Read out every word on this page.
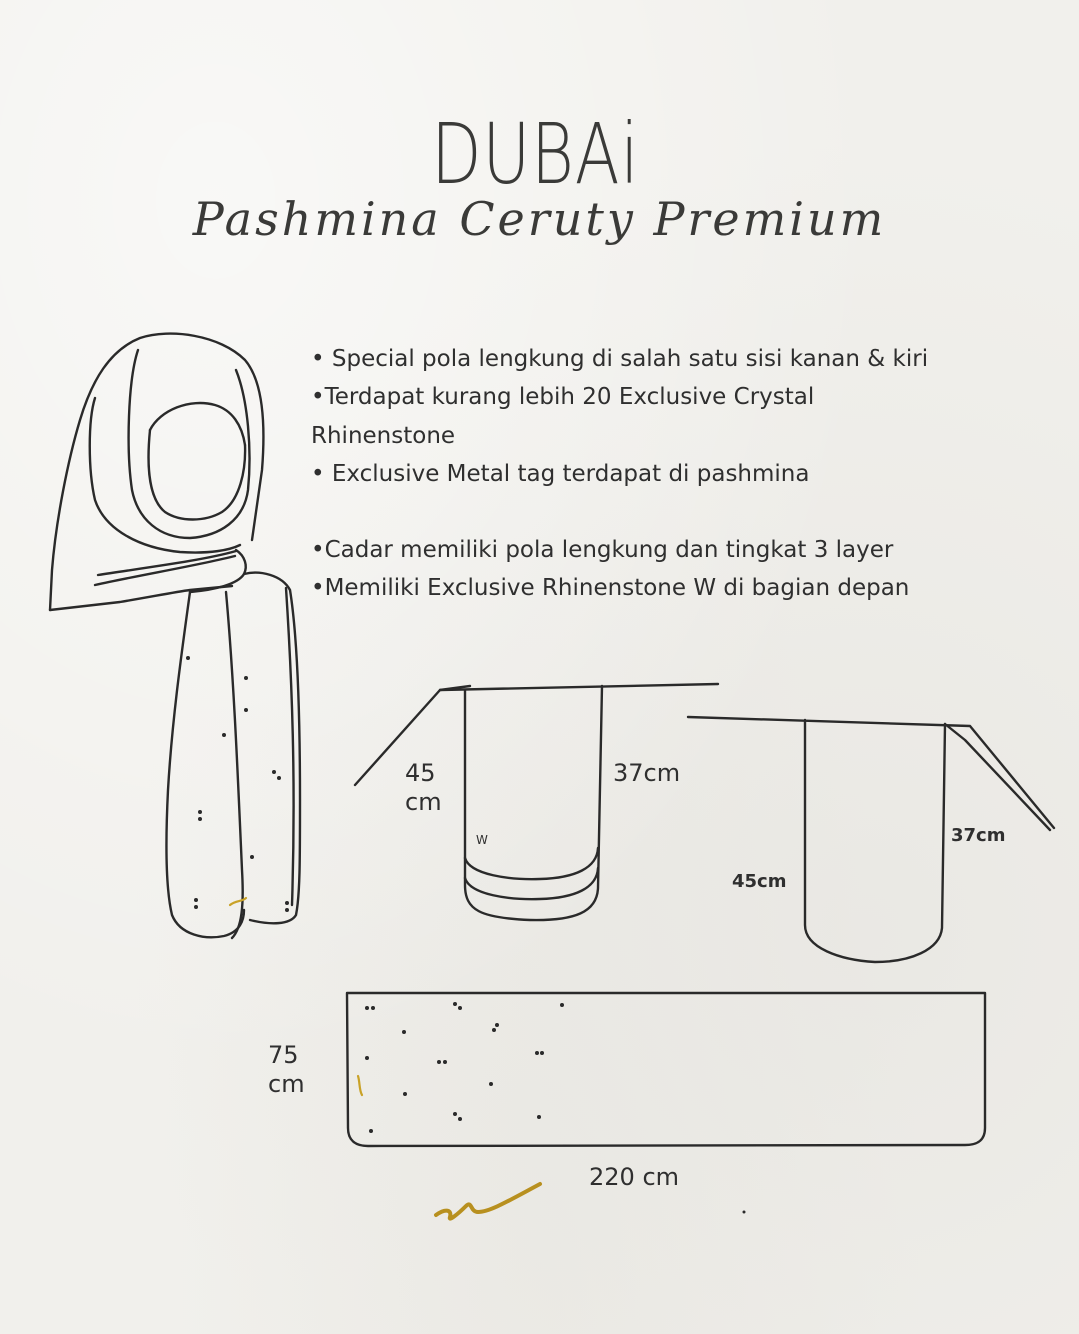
DUBAi
Pashmina Ceruty Premium
• Special pola lengkung di salah satu sisi kanan & kiri
•Terdapat kurang lebih 20 Exclusive Crystal
Rhinenstone
• Exclusive Metal tag terdapat di pashmina
•Cadar memiliki pola lengkung dan tingkat 3 layer
•Memiliki Exclusive Rhinenstone W di bagian depan
45
cm
37cm
W
45cm
37cm
75
cm
220 cm
